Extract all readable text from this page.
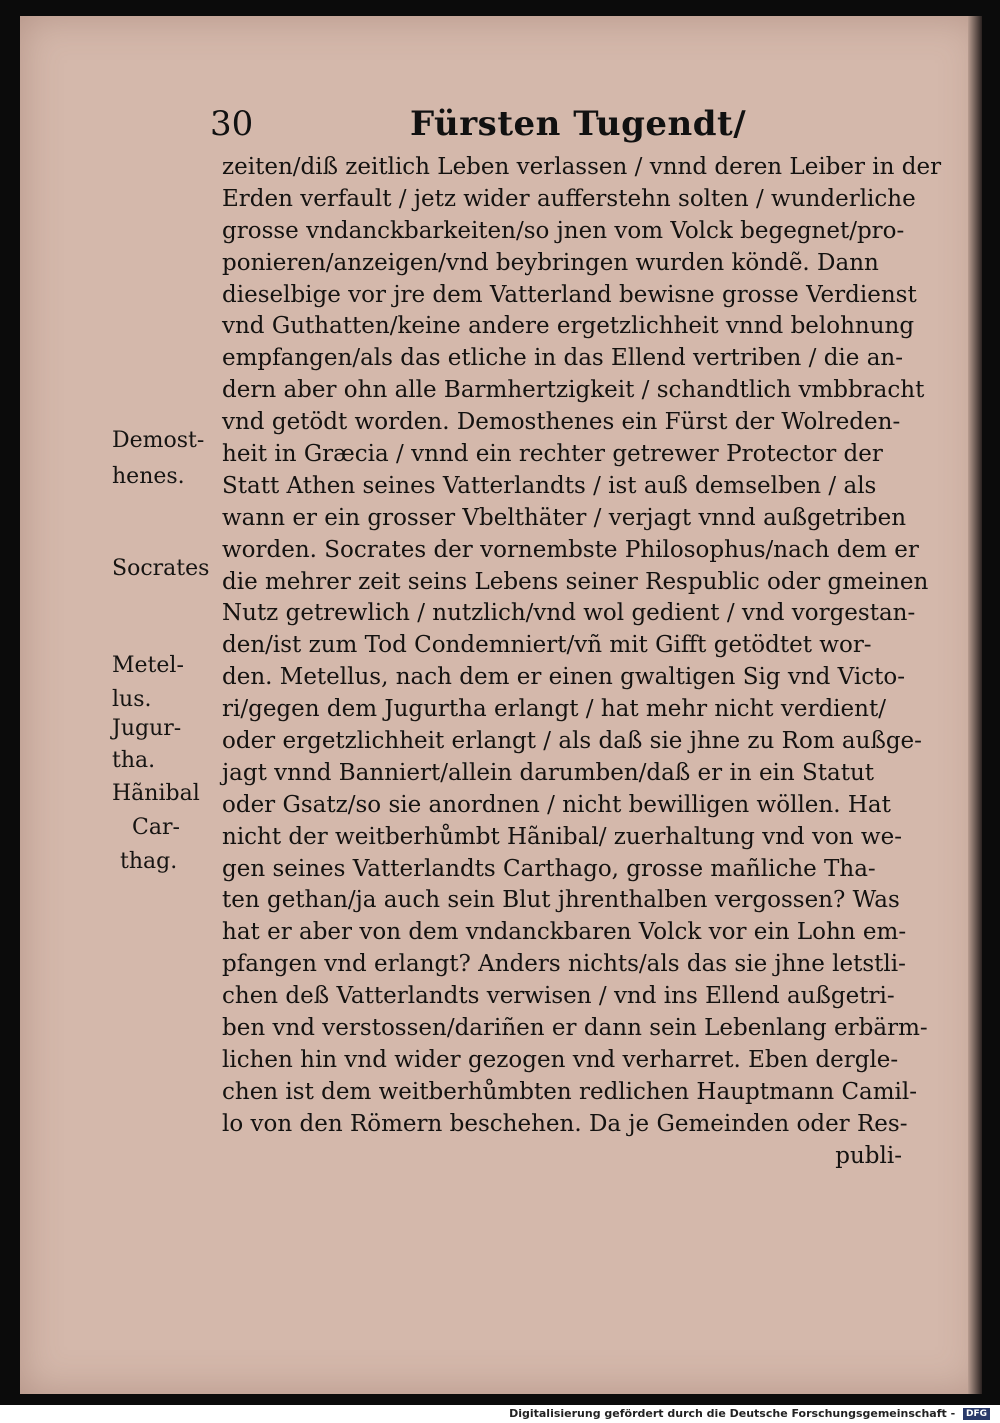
30	Fürsten Tugendt/
zeiten/diß zeitlich Leben verlassen / vnnd deren Leiber in der
Erden verfault / jetz wider aufferstehn solten / wunderliche
grosse vndanckbarkeiten/so jnen vom Volck begegnet/pro-
ponieren/anzeigen/vnd beybringen wurden köndẽ. Dann
dieselbige vor jre dem Vatterland bewisne grosse Verdienst
vnd Guthatten/keine andere ergetzlichheit vnnd belohnung
empfangen/als das etliche in das Ellend vertriben / die an-
dern aber ohn alle Barmhertzigkeit / schandtlich vmbbracht
vnd getödt worden. Demosthenes ein Fürst der Wolreden-
heit in Græcia / vnnd ein rechter getrewer Protector der
Statt Athen seines Vatterlandts / ist auß demselben / als
wann er ein grosser Vbelthäter / verjagt vnnd außgetriben
worden. Socrates der vornembste Philosophus/nach dem er
die mehrer zeit seins Lebens seiner Respublic oder gmeinen
Nutz getrewlich / nutzlich/vnd wol gedient / vnd vorgestan-
den/ist zum Tod Condemniert/vñ mit Gifft getödtet wor-
den. Metellus, nach dem er einen gwaltigen Sig vnd Victo-
ri/gegen dem Jugurtha erlangt / hat mehr nicht verdient/
oder ergetzlichheit erlangt / als daß sie jhne zu Rom außge-
jagt vnnd Banniert/allein darumben/daß er in ein Statut
oder Gsatz/so sie anordnen / nicht bewilligen wöllen. Hat
nicht der weitberhůmbt Hãnibal/ zuerhaltung vnd von we-
gen seines Vatterlandts Carthago, grosse mañliche Tha-
ten gethan/ja auch sein Blut jhrenthalben vergossen? Was
hat er aber von dem vndanckbaren Volck vor ein Lohn em-
pfangen vnd erlangt? Anders nichts/als das sie jhne letstli-
chen deß Vatterlandts verwisen / vnd ins Ellend außgetri-
ben vnd verstossen/dariñen er dann sein Lebenlang erbärm-
lichen hin vnd wider gezogen vnd verharret. Eben dergle-
chen ist dem weitberhůmbten redlichen Hauptmann Camil-
lo von den Römern beschehen. Da je Gemeinden oder Res-
publi-
Demost-
henes.
Socrates
Metel-
lus.
Jugur-
tha.
Hãnibal
Car-
thag.
Digitalisierung gefördert durch die Deutsche Forschungsgemeinschaft - DFG
